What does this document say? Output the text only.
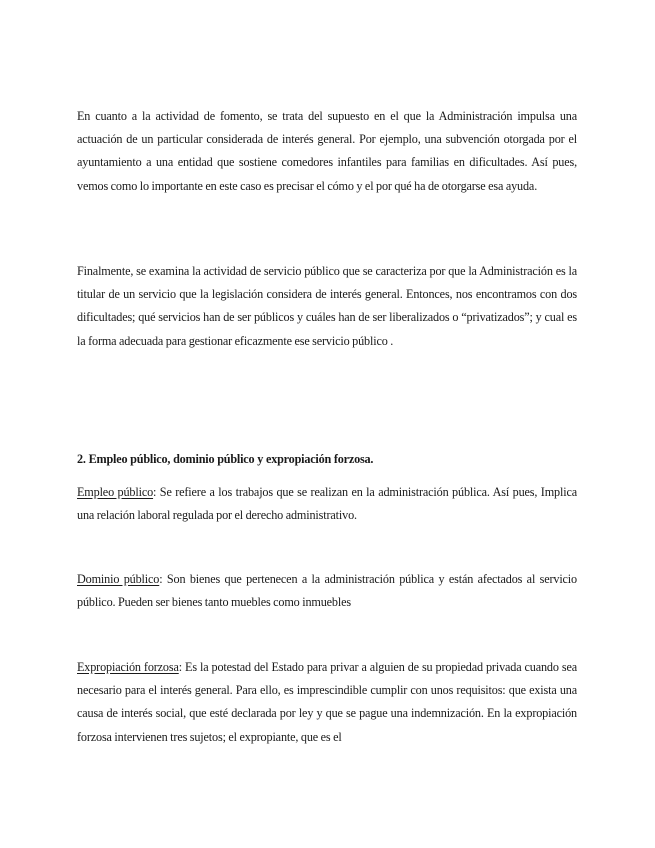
En cuanto a la actividad de fomento, se trata del supuesto en el que la Administración impulsa una actuación de un particular considerada de interés general. Por ejemplo, una subvención otorgada por el ayuntamiento a una entidad que sostiene comedores infantiles para familias en dificultades. Así pues, vemos como lo importante en este caso es precisar el cómo y el por qué ha de otorgarse esa ayuda.

Finalmente, se examina la actividad de servicio público que se caracteriza por que la Administración es la titular de un servicio que la legislación considera de interés general. Entonces, nos encontramos con dos dificultades; qué servicios han de ser públicos y cuáles han de ser liberalizados o “privatizados”; y cual es la forma adecuada para gestionar eficazmente ese servicio público .

2. Empleo público, dominio público y expropiación forzosa.

Empleo público: Se refiere a los trabajos que se realizan en la administración pública. Así pues, Implica una relación laboral regulada por el derecho administrativo.

Dominio público: Son bienes que pertenecen a la administración pública y están afectados al servicio público. Pueden ser bienes tanto muebles como inmuebles

Expropiación forzosa: Es la potestad del Estado para privar a alguien de su propiedad privada cuando sea necesario para el interés general. Para ello, es imprescindible cumplir con unos requisitos: que exista una causa de interés social, que esté declarada por ley y que se pague una indemnización. En la expropiación forzosa intervienen tres sujetos; el expropiante, que es el
